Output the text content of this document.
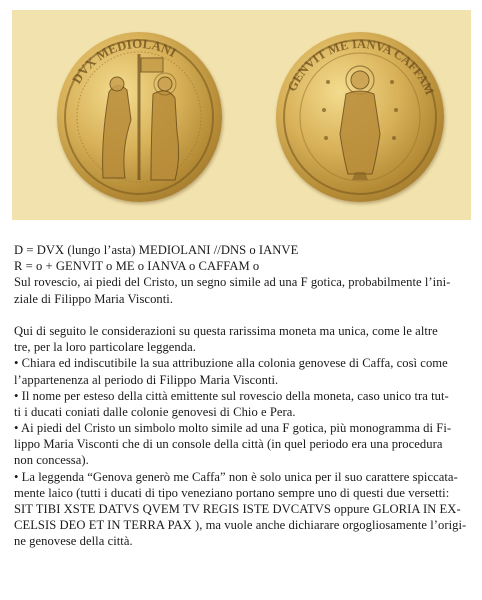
DVX MEDIOLANI
GENVIT ME IANVA CAFFAM
D = DVX (lungo l’asta) MEDIOLANI //DNS o IANVE
R = o + GENVIT o ME o IANVA o CAFFAM o
Sul rovescio, ai piedi del Cristo, un segno simile ad una F gotica, probabilmente l’ini-
ziale di Filippo Maria Visconti.
Qui di seguito le considerazioni su questa rarissima moneta ma unica, come le altre
tre, per la loro particolare leggenda.
• Chiara ed indiscutibile la sua attribuzione alla colonia genovese di Caffa, così come
l’appartenenza al periodo di Filippo Maria Visconti.
• Il nome per esteso della città emittente sul rovescio della moneta, caso unico tra tut-
ti i ducati coniati dalle colonie genovesi di Chio e Pera.
• Ai piedi del Cristo un simbolo molto simile ad una F gotica, più monogramma di Fi-
lippo Maria Visconti che di un console della città (in quel periodo era una procedura
non concessa).
• La leggenda “Genova generò me Caffa” non è solo unica per il suo carattere spiccata-
mente laico (tutti i ducati di tipo veneziano portano sempre uno di questi due versetti:
SIT TIBI XSTE DATVS QVEM TV REGIS ISTE DVCATVS oppure GLORIA IN EX-
CELSIS DEO ET IN TERRA PAX ), ma vuole anche dichiarare orgogliosamente l’origi-
ne genovese della città.
